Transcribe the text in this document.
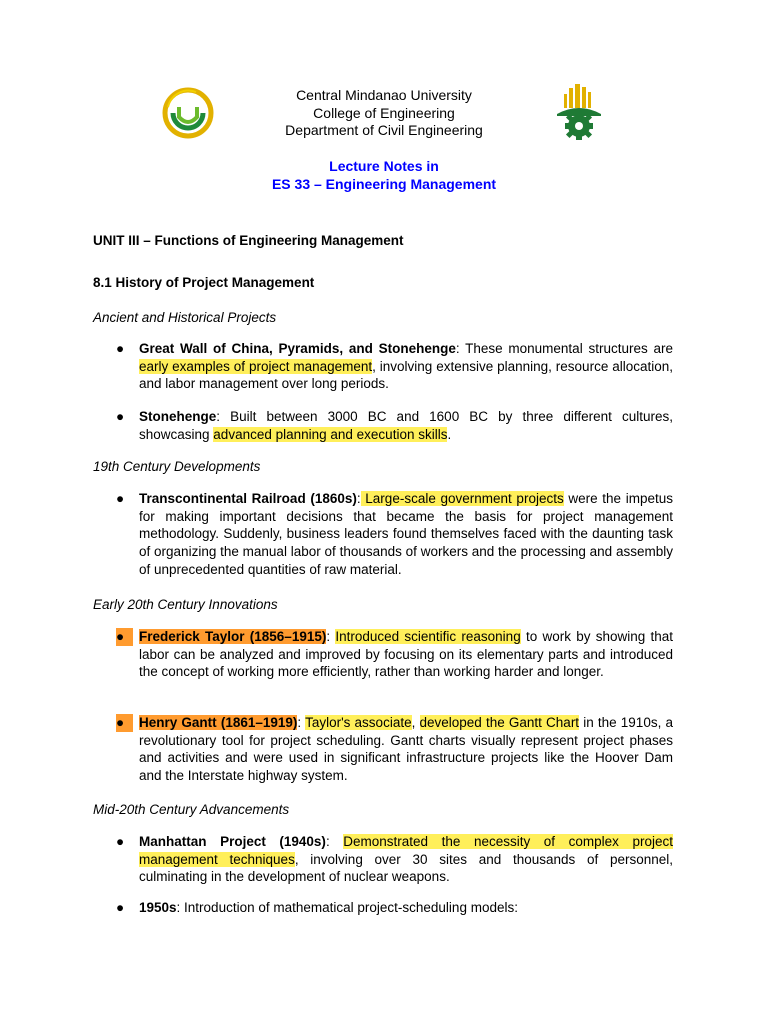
Central Mindanao University
College of Engineering
Department of Civil Engineering
Lecture Notes in
ES 33 – Engineering Management
UNIT III – Functions of Engineering Management
8.1 History of Project Management
Ancient and Historical Projects
● Great Wall of China, Pyramids, and Stonehenge: These monumental structures are early examples of project management, involving extensive planning, resource allocation, and labor management over long periods.
● Stonehenge: Built between 3000 BC and 1600 BC by three different cultures, showcasing advanced planning and execution skills.
19th Century Developments
● Transcontinental Railroad (1860s): Large-scale government projects were the impetus for making important decisions that became the basis for project management methodology. Suddenly, business leaders found themselves faced with the daunting task of organizing the manual labor of thousands of workers and the processing and assembly of unprecedented quantities of raw material.
Early 20th Century Innovations
●	Frederick Taylor (1856–1915): Introduced scientific reasoning to work by showing that labor can be analyzed and improved by focusing on its elementary parts and introduced the concept of working more efficiently, rather than working harder and longer.
●	Henry Gantt (1861–1919): Taylor's associate, developed the Gantt Chart in the 1910s, a revolutionary tool for project scheduling. Gantt charts visually represent project phases and activities and were used in significant infrastructure projects like the Hoover Dam and the Interstate highway system.
Mid-20th Century Advancements
● Manhattan Project (1940s): Demonstrated the necessity of complex project management techniques, involving over 30 sites and thousands of personnel, culminating in the development of nuclear weapons.
● 1950s: Introduction of mathematical project-scheduling models:
